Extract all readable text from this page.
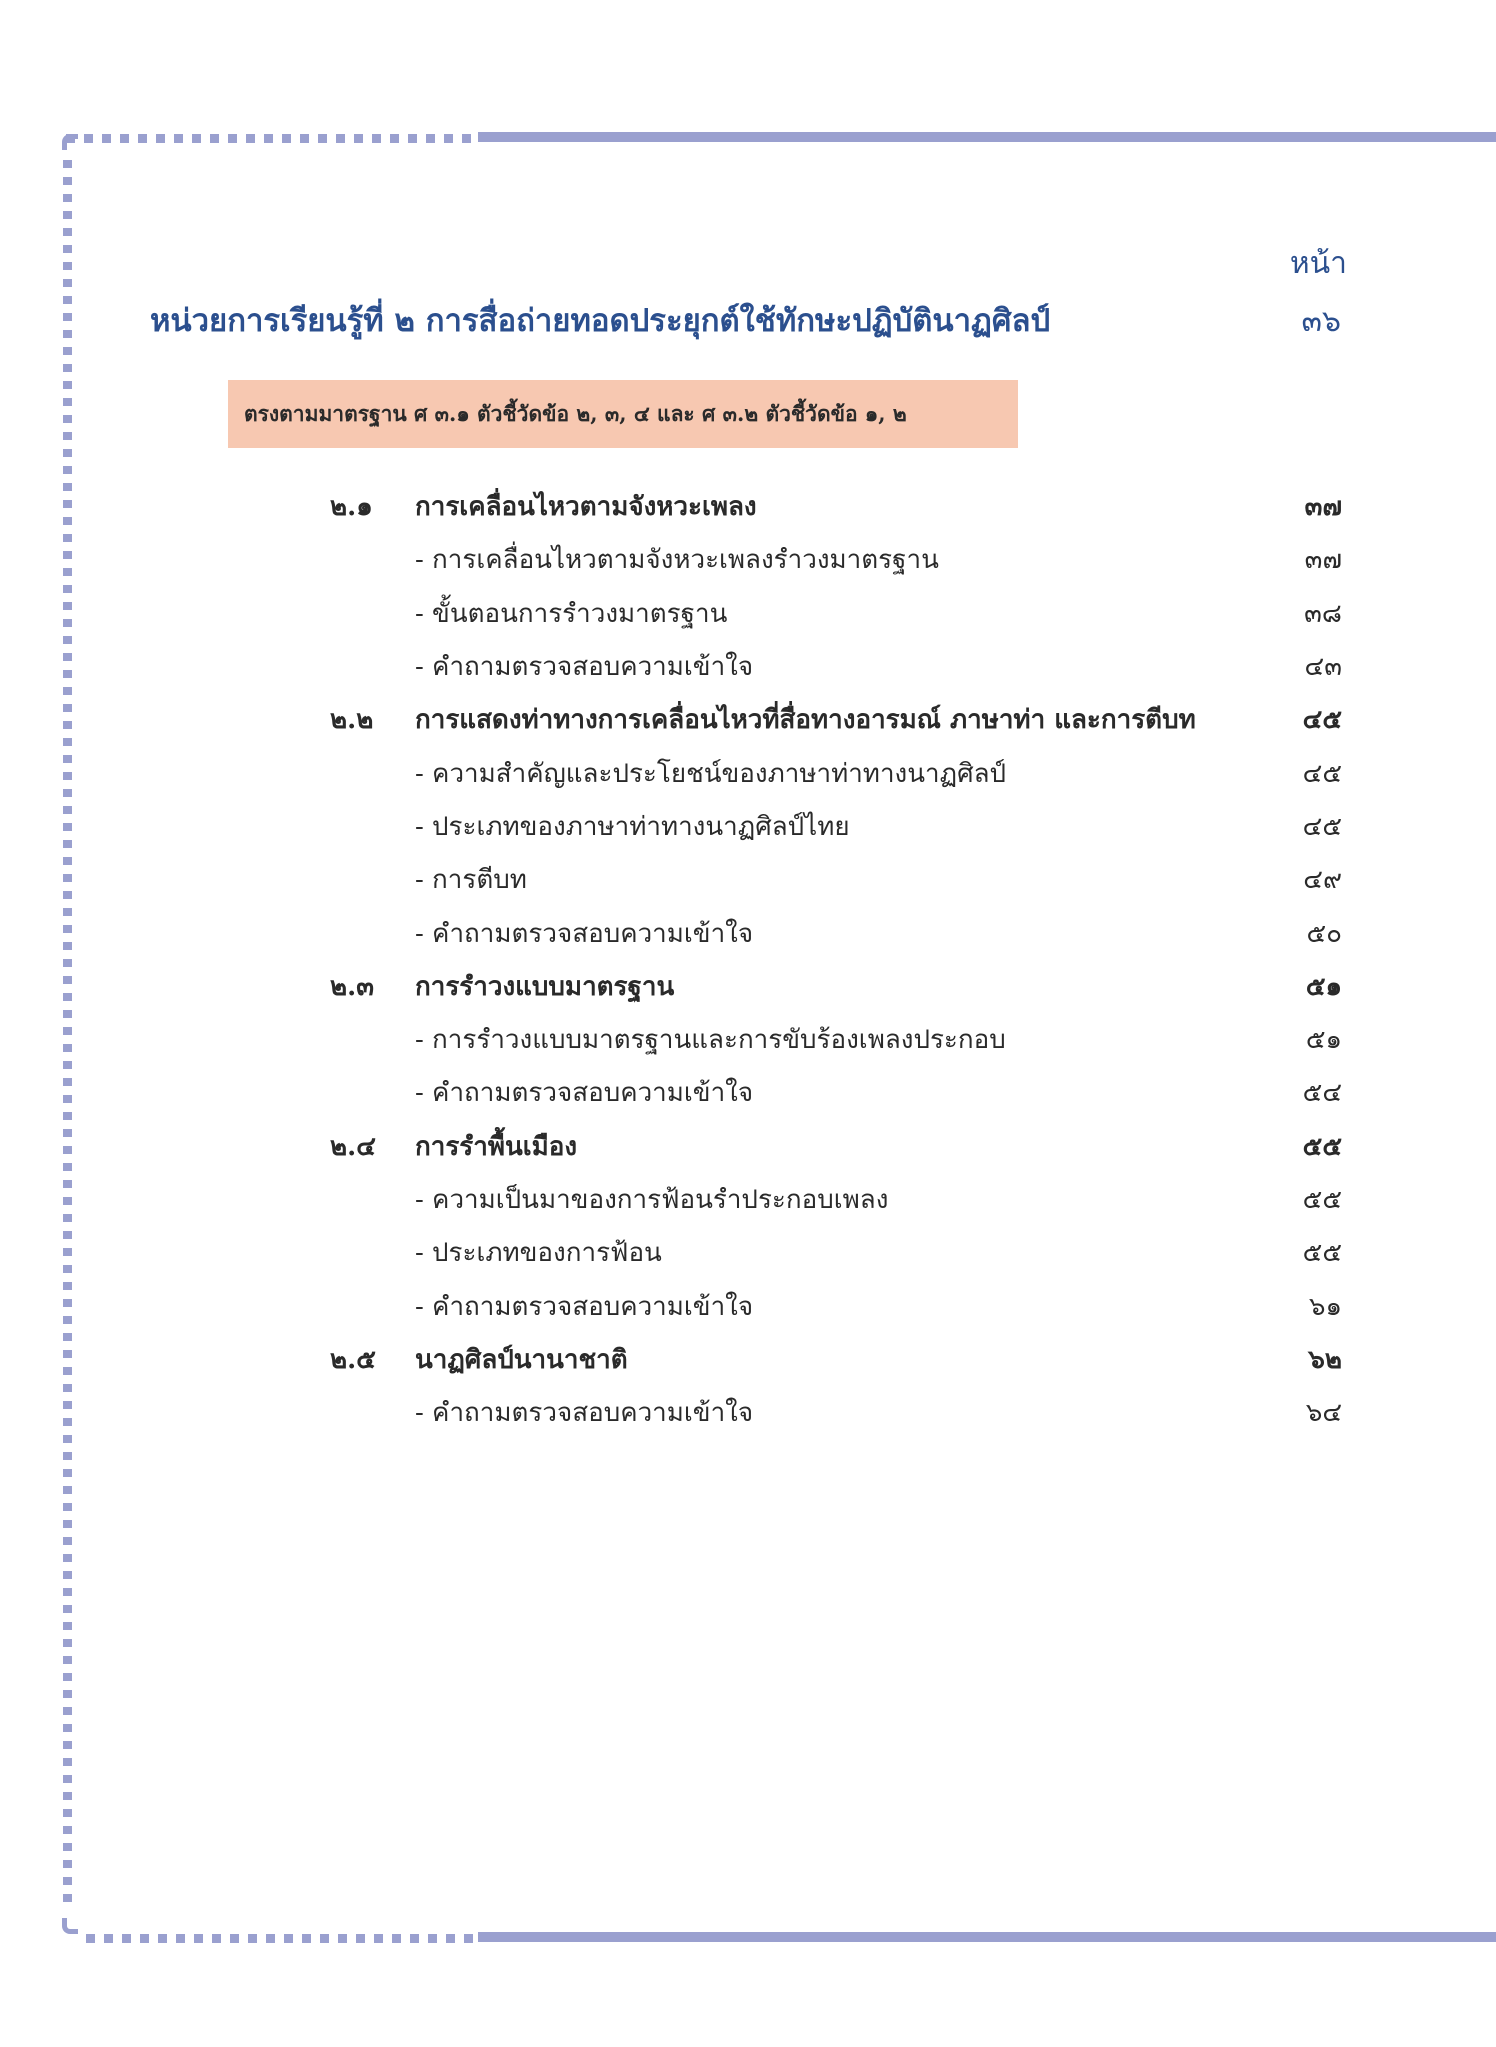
หน้า
หน่วยการเรียนรู้ที่ ๒ การสื่อถ่ายทอดประยุกต์ใช้ทักษะปฏิบัตินาฏศิลป์	๓๖
ตรงตามมาตรฐาน ศ ๓.๑ ตัวชี้วัดข้อ ๒, ๓, ๔ และ ศ ๓.๒ ตัวชี้วัดข้อ ๑, ๒
๒.๑	การเคลื่อนไหวตามจังหวะเพลง	๓๗
- การเคลื่อนไหวตามจังหวะเพลงรำวงมาตรฐาน	๓๗
- ขั้นตอนการรำวงมาตรฐาน	๓๘
- คำถามตรวจสอบความเข้าใจ	๔๓
๒.๒	การแสดงท่าทางการเคลื่อนไหวที่สื่อทางอารมณ์ ภาษาท่า และการตีบท	๔๕
- ความสำคัญและประโยชน์ของภาษาท่าทางนาฏศิลป์	๔๕
- ประเภทของภาษาท่าทางนาฏศิลป์ไทย	๔๕
- การตีบท	๔๙
- คำถามตรวจสอบความเข้าใจ	๕๐
๒.๓	การรำวงแบบมาตรฐาน	๕๑
- การรำวงแบบมาตรฐานและการขับร้องเพลงประกอบ	๕๑
- คำถามตรวจสอบความเข้าใจ	๕๔
๒.๔	การรำพื้นเมือง	๕๕
- ความเป็นมาของการฟ้อนรำประกอบเพลง	๕๕
- ประเภทของการฟ้อน	๕๕
- คำถามตรวจสอบความเข้าใจ	๖๑
๒.๕	นาฏศิลป์นานาชาติ	๖๒
- คำถามตรวจสอบความเข้าใจ	๖๔
